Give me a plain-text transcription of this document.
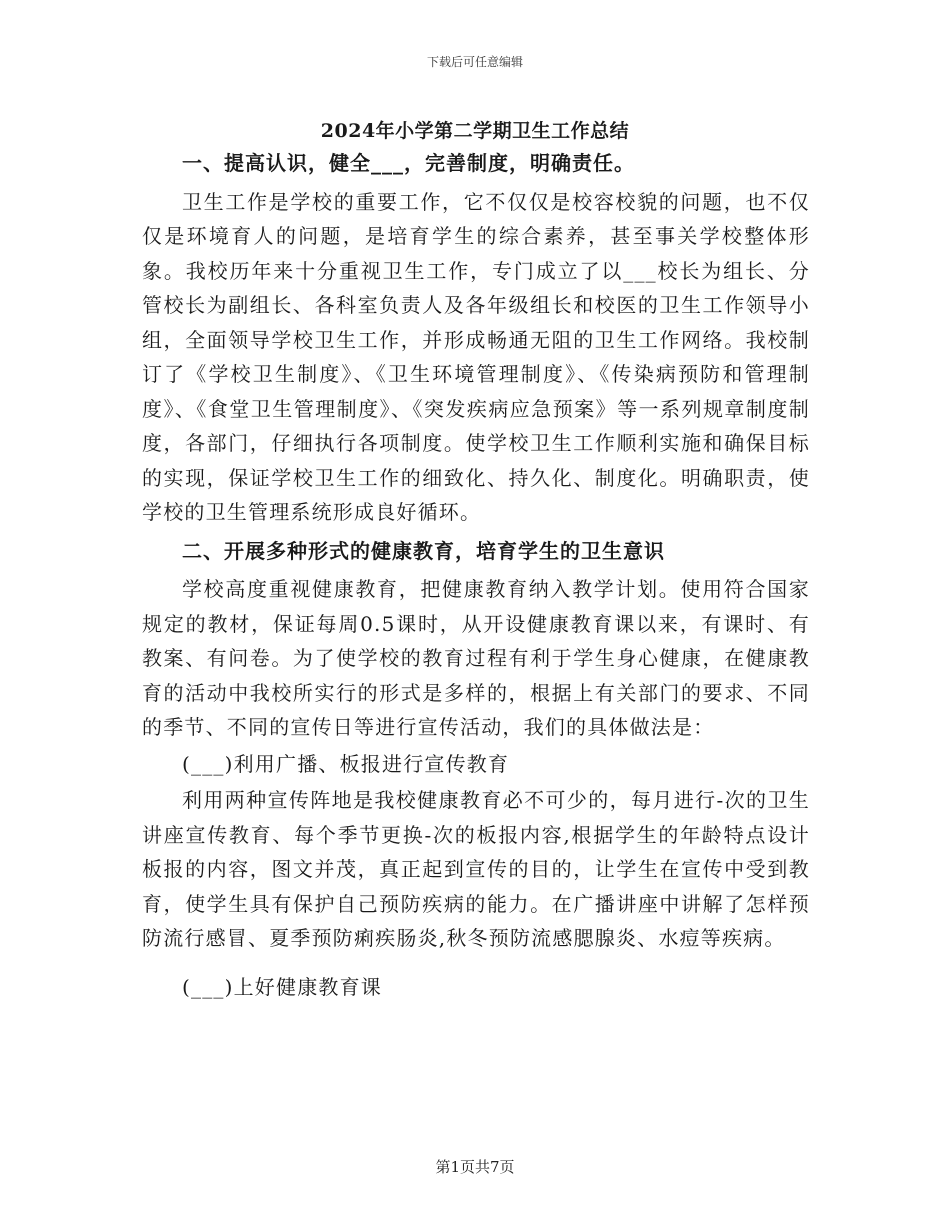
下载后可任意编辑
2024年小学第二学期卫生工作总结

一、提高认识，健全___，完善制度，明确责任。

卫生工作是学校的重要工作，它不仅仅是校容校貌的问题，也不仅仅是环境育人的问题，是培育学生的综合素养，甚至事关学校整体形象。我校历年来十分重视卫生工作，专门成立了以___校长为组长、分管校长为副组长、各科室负责人及各年级组长和校医的卫生工作领导小组，全面领导学校卫生工作，并形成畅通无阻的卫生工作网络。我校制订了《学校卫生制度》、《卫生环境管理制度》、《传染病预防和管理制度》、《食堂卫生管理制度》、《突发疾病应急预案》等一系列规章制度制度，各部门，仔细执行各项制度。使学校卫生工作顺利实施和确保目标的实现，保证学校卫生工作的细致化、持久化、制度化。明确职责，使学校的卫生管理系统形成良好循环。

二、开展多种形式的健康教育，培育学生的卫生意识

学校高度重视健康教育，把健康教育纳入教学计划。使用符合国家规定的教材，保证每周0.5课时，从开设健康教育课以来，有课时、有教案、有问卷。为了使学校的教育过程有利于学生身心健康，在健康教育的活动中我校所实行的形式是多样的，根据上有关部门的要求、不同的季节、不同的宣传日等进行宣传活动，我们的具体做法是：

(___)利用广播、板报进行宣传教育

利用两种宣传阵地是我校健康教育必不可少的，每月进行-次的卫生讲座宣传教育、每个季节更换-次的板报内容,根据学生的年龄特点设计板报的内容，图文并茂，真正起到宣传的目的，让学生在宣传中受到教育，使学生具有保护自己预防疾病的能力。在广播讲座中讲解了怎样预防流行感冒、夏季预防痢疾肠炎,秋冬预防流感腮腺炎、水痘等疾病。

(___)上好健康教育课

第1页共7页
